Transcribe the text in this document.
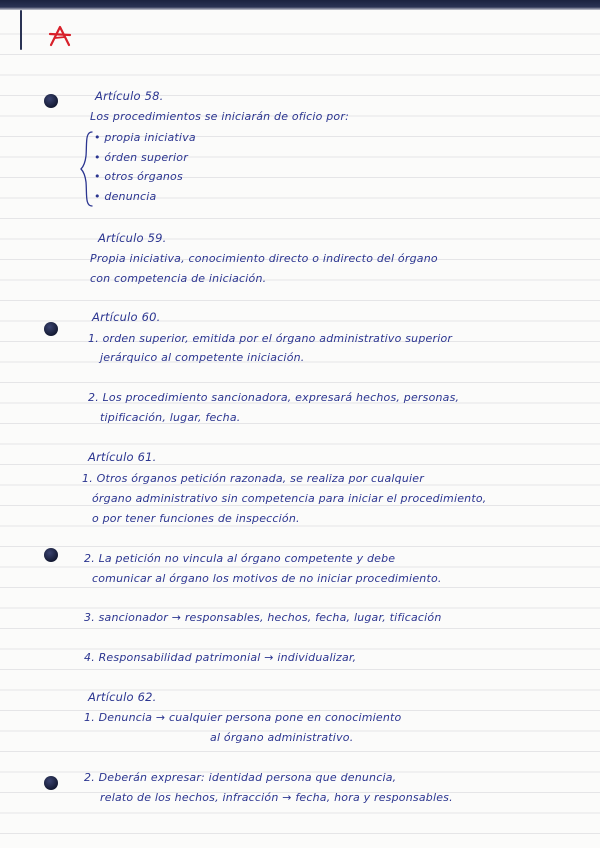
Artículo 58.

Los procedimientos se iniciarán de oficio por:

• propia iniciativa

• órden superior

• otros órganos

• denuncia

Artículo 59.

Propia iniciativa, conocimiento directo o indirecto del órgano

con competencia de iniciación.

Artículo 60.

1. orden superior, emitida por el órgano administrativo superior

jerárquico al competente iniciación.

2. Los procedimiento sancionadora, expresará hechos, personas,

tipificación, lugar, fecha.

Artículo 61.

1. Otros órganos petición razonada, se realiza por cualquier

órgano administrativo sin competencia para iniciar el procedimiento,

o por tener funciones de inspección.

2. La petición no vincula al órgano competente y debe

comunicar al órgano los motivos de no iniciar procedimiento.

3. sancionador → responsables, hechos, fecha, lugar, tificación

4. Responsabilidad patrimonial → individualizar,

Artículo 62.

1. Denuncia → cualquier persona pone en conocimiento

al órgano administrativo.

2. Deberán expresar: identidad persona que denuncia,

relato de los hechos, infracción → fecha, hora y responsables.
